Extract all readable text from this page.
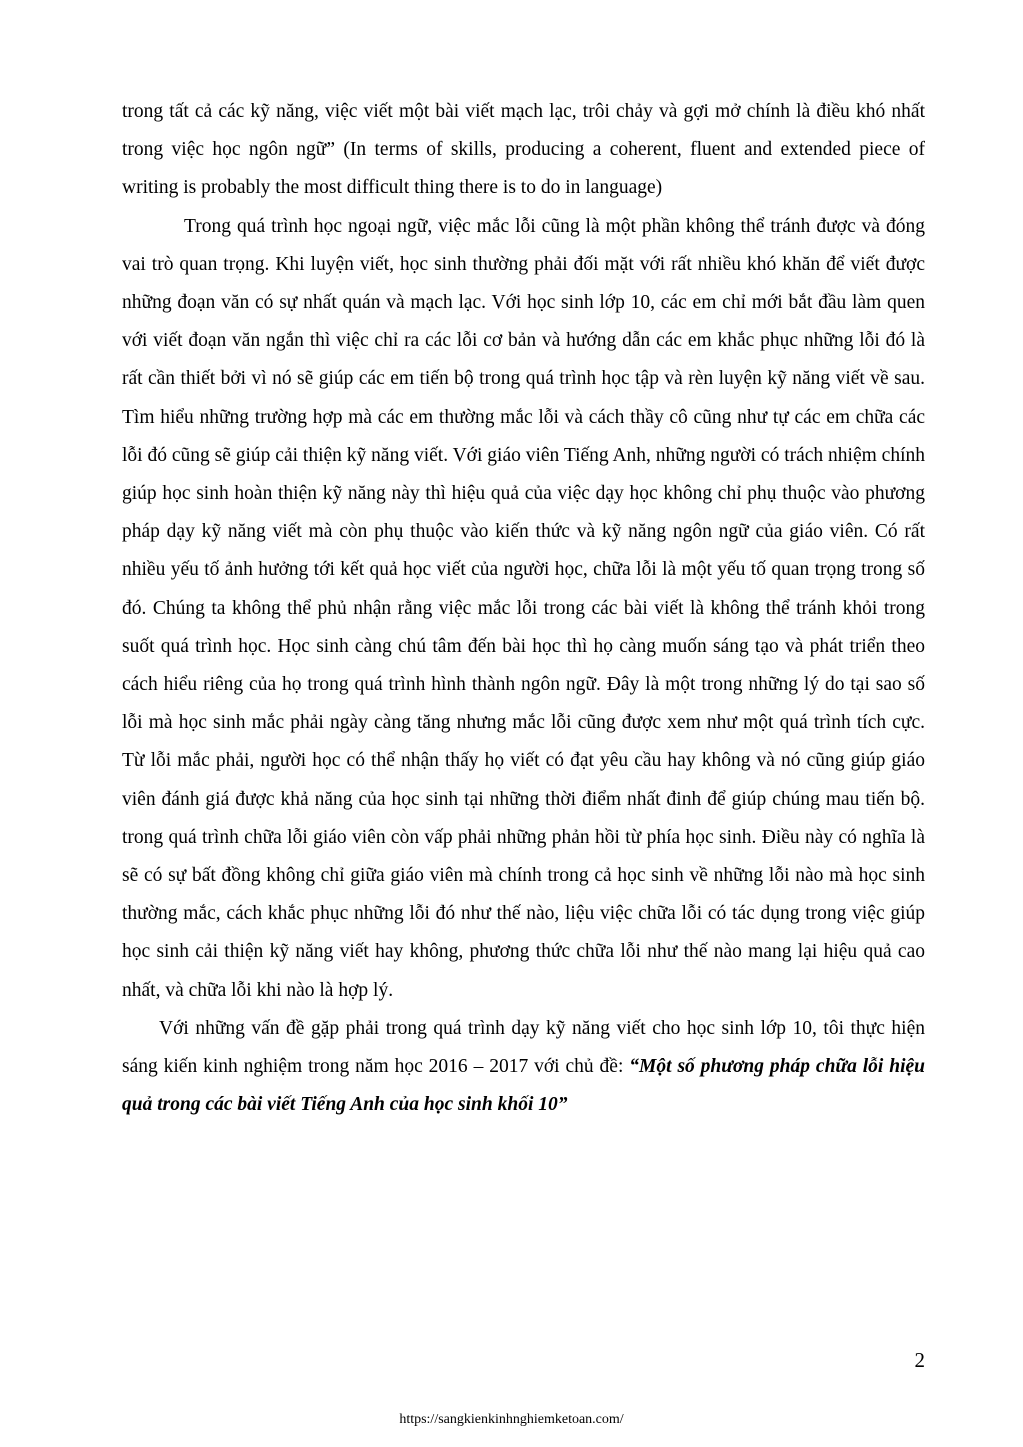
trong tất cả các kỹ năng, việc viết một bài viết mạch lạc, trôi chảy và gợi mở chính là điều khó nhất trong việc học ngôn ngữ” (In terms of skills, producing a coherent, fluent and extended piece of writing is probably the most difficult thing there is to do in language)

Trong quá trình học ngoại ngữ, việc mắc lỗi cũng là một phần không thể tránh được và đóng vai trò quan trọng. Khi luyện viết, học sinh thường phải đối mặt với rất nhiều khó khăn để viết được những đoạn văn có sự nhất quán và mạch lạc. Với học sinh lớp 10, các em chỉ mới bắt đầu làm quen với viết đoạn văn ngắn thì việc chỉ ra các lỗi cơ bản và hướng dẫn các em khắc phục những lỗi đó là rất cần thiết bởi vì nó sẽ giúp các em tiến bộ trong quá trình học tập và rèn luyện kỹ năng viết về sau. Tìm hiểu những trường hợp mà các em thường mắc lỗi và cách thầy cô cũng như tự các em chữa các lỗi đó cũng sẽ giúp cải thiện kỹ năng viết. Với giáo viên Tiếng Anh, những người có trách nhiệm chính giúp học sinh hoàn thiện kỹ năng này thì hiệu quả của việc dạy học không chỉ phụ thuộc vào phương pháp dạy kỹ năng viết mà còn phụ thuộc vào kiến thức và kỹ năng ngôn ngữ của giáo viên. Có rất nhiều yếu tố ảnh hưởng tới kết quả học viết của người học, chữa lỗi là một yếu tố quan trọng trong số đó. Chúng ta không thể phủ nhận rằng việc mắc lỗi trong các bài viết là không thể tránh khỏi trong suốt quá trình học. Học sinh càng chú tâm đến bài học thì họ càng muốn sáng tạo và phát triển theo cách hiểu riêng của họ trong quá trình hình thành ngôn ngữ. Đây là một trong những lý do tại sao số lỗi mà học sinh mắc phải ngày càng tăng nhưng mắc lỗi cũng được xem như một quá trình tích cực. Từ lỗi mắc phải, người học có thể nhận thấy họ viết có đạt yêu cầu hay không và nó cũng giúp giáo viên đánh giá được khả năng của học sinh tại những thời điểm nhất đinh để giúp chúng mau tiến bộ. trong quá trình chữa lỗi giáo viên còn vấp phải những phản hồi từ phía học sinh. Điều này có nghĩa là sẽ có sự bất đồng không chỉ giữa giáo viên mà chính trong cả học sinh về những lỗi nào mà học sinh thường mắc, cách khắc phục những lỗi đó như thế nào, liệu việc chữa lỗi có tác dụng trong việc giúp học sinh cải thiện kỹ năng viết hay không, phương thức chữa lỗi như thế nào mang lại hiệu quả cao nhất, và chữa lỗi khi nào là hợp lý.

Với những vấn đề gặp phải trong quá trình dạy kỹ năng viết cho học sinh lớp 10, tôi thực hiện sáng kiến kinh nghiệm trong năm học 2016 – 2017 với chủ đề: “Một số phương pháp chữa lỗi hiệu quả trong các bài viết Tiếng Anh của học sinh khối 10”

2
https://sangkienkinhnghiemketoan.com/
